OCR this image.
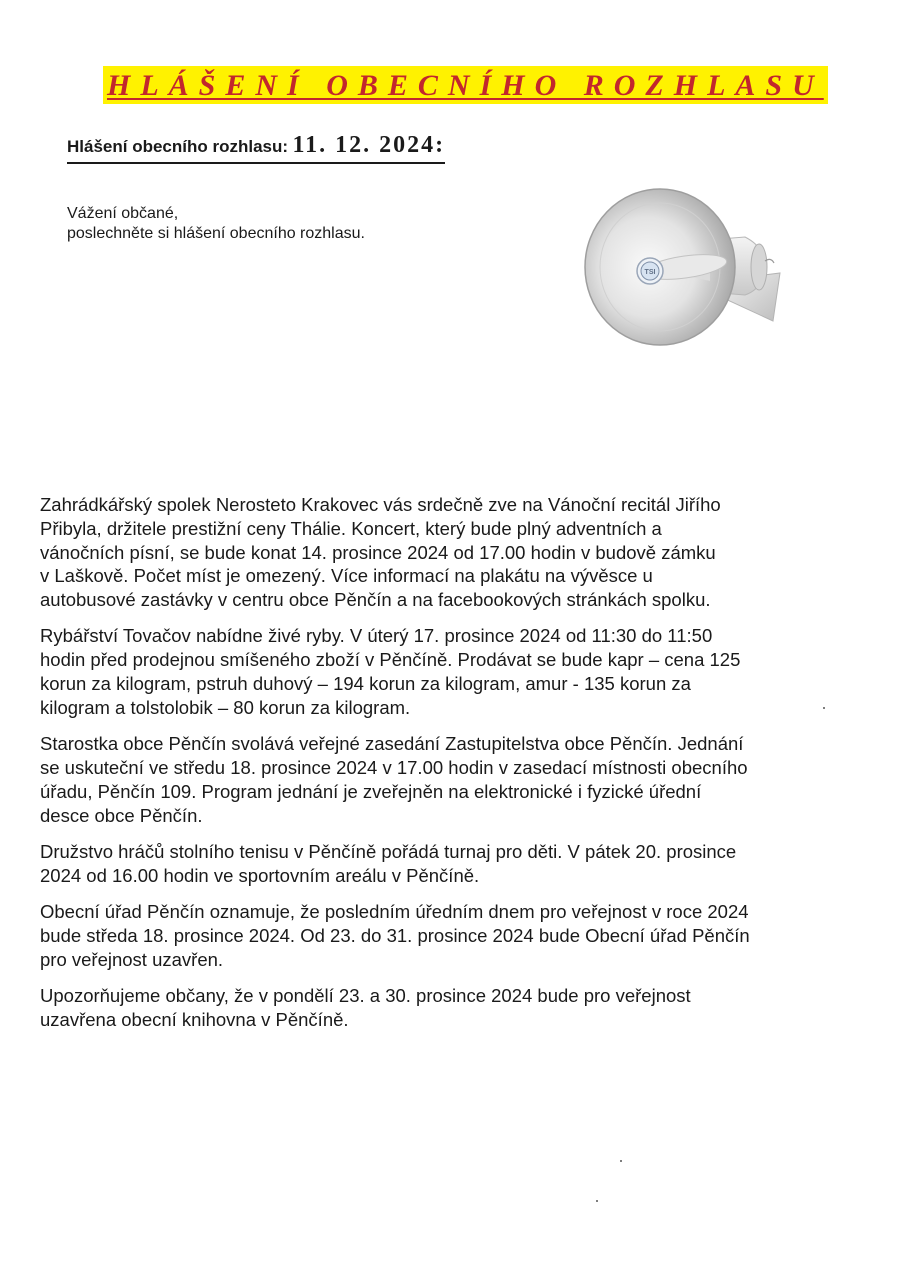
HLÁŠENÍ OBECNÍHO ROZHLASU
Hlášení obecního rozhlasu: 11. 12. 2024:
Vážení občané,
poslechněte si hlášení obecního rozhlasu.
TSI

Zahrádkářský spolek Nerosteto Krakovec vás srdečně zve na Vánoční recitál Jiřího
Přibyla, držitele prestižní ceny Thálie. Koncert, který bude plný adventních a
vánočních písní, se bude konat 14. prosince 2024 od 17.00 hodin v budově zámku
v Laškově. Počet míst je omezený. Více informací na plakátu na vývěsce u
autobusové zastávky v centru obce Pěnčín a na facebookových stránkách spolku.

Rybářství Tovačov nabídne živé ryby. V úterý 17. prosince 2024 od 11:30 do 11:50
hodin před prodejnou smíšeného zboží v Pěnčíně. Prodávat se bude kapr – cena 125
korun za kilogram, pstruh duhový – 194 korun za kilogram, amur - 135 korun za
kilogram a tolstolobik – 80 korun za kilogram.

Starostka obce Pěnčín svolává veřejné zasedání Zastupitelstva obce Pěnčín. Jednání
se uskuteční ve středu 18. prosince 2024 v 17.00 hodin v zasedací místnosti obecního
úřadu, Pěnčín 109. Program jednání je zveřejněn na elektronické i fyzické úřední
desce obce Pěnčín.

Družstvo hráčů stolního tenisu v Pěnčíně pořádá turnaj pro děti. V pátek 20. prosince
2024 od 16.00 hodin ve sportovním areálu v Pěnčíně.

Obecní úřad Pěnčín oznamuje, že posledním úředním dnem pro veřejnost v roce 2024
bude středa 18. prosince 2024. Od 23. do 31. prosince 2024 bude Obecní úřad Pěnčín
pro veřejnost uzavřen.

Upozorňujeme občany, že v pondělí 23. a 30. prosince 2024 bude pro veřejnost
uzavřena obecní knihovna v Pěnčíně.
